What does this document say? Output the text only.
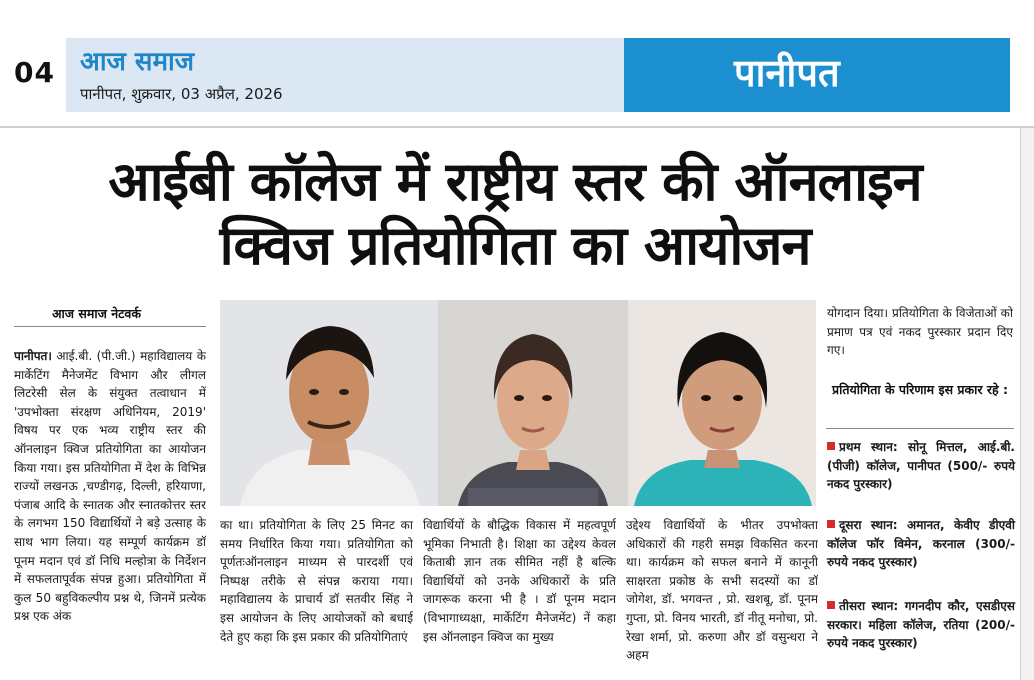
04 आज समाज
पानीपत, शुक्रवार, 03 अप्रैल, 2026	पानीपत
आईबी कॉलेज में राष्ट्रीय स्तर की ऑनलाइन
क्विज प्रतियोगिता का आयोजन
आज समाज नेटवर्क
पानीपत। आई.बी. (पी.जी.) महाविद्यालय के मार्केटिंग मैनेजमेंट विभाग और लीगल लिटरेसी सेल के संयुक्त तत्वाधान में 'उपभोक्ता संरक्षण अधिनियम, 2019' विषय पर एक भव्य राष्ट्रीय स्तर की ऑनलाइन क्विज प्रतियोगिता का आयोजन किया गया। इस प्रतियोगिता में देश के विभिन्न राज्यों लखनऊ ,चण्डीगढ़, दिल्ली, हरियाणा, पंजाब आदि के स्नातक और स्नातकोत्तर स्तर के लगभग 150 विद्यार्थियों ने बड़े उत्साह के साथ भाग लिया। यह सम्पूर्ण कार्यक्रम डॉ पूनम मदान एवं डॉ निधि मल्होत्रा के निर्देशन में सफलतापूर्वक संपन्न हुआ। प्रतियोगिता में कुल 50 बहुविकल्पीय प्रश्न थे, जिनमें प्रत्येक प्रश्न एक अंक
का था। प्रतियोगिता के लिए 25 मिनट का समय निर्धारित किया गया। प्रतियोगिता को पूर्णतःऑनलाइन माध्यम से पारदर्शी एवं निष्पक्ष तरीके से संपन्न कराया गया। महाविद्यालय के प्राचार्य डॉ सतवीर सिंह ने इस आयोजन के लिए आयोजकों को बधाई देते हुए कहा कि इस प्रकार की प्रतियोगिताएं
विद्यार्थियों के बौद्धिक विकास में महत्वपूर्ण भूमिका निभाती है। शिक्षा का उद्देश्य केवल किताबी ज्ञान तक सीमित नहीं है बल्कि विद्यार्थियों को उनके अधिकारों के प्रति जागरूक करना भी है । डॉ पूनम मदान (विभागाध्यक्षा, मार्केटिंग मैनेजमेंट) नें कहा इस ऑनलाइन क्विज का मुख्य
उद्देश्य विद्यार्थियों के भीतर उपभोक्ता अधिकारों की गहरी समझ विकसित करना था। कार्यक्रम को सफल बनाने में कानूनी साक्षरता प्रकोष्ठ के सभी सदस्यों का डॉ जोगेश, डॉ. भगवन्त , प्रो. खशबू, डॉ. पूनम गुप्ता, प्रो. विनय भारती, डॉ नीतू मनोचा, प्रो. रेखा शर्मा, प्रो. करुणा और डॉ वसुन्धरा ने अहम
योगदान दिया। प्रतियोगिता के विजेताओं को प्रमाण पत्र एवं नकद पुरस्कार प्रदान दिए गए।
प्रतियोगिता के परिणाम इस प्रकार रहे :
प्रथम स्थान: सोनू मित्तल, आई.बी. (पीजी) कॉलेज, पानीपत (500/- रुपये नकद पुरस्कार)
दूसरा स्थान: अमानत, केवीए डीएवी कॉलेज फॉर विमेन, करनाल (300/- रुपये नकद पुरस्कार)
तीसरा स्थान: गगनदीप कौर, एसडीएस सरकार। महिला कॉलेज, रतिया (200/- रुपये नकद पुरस्कार)
